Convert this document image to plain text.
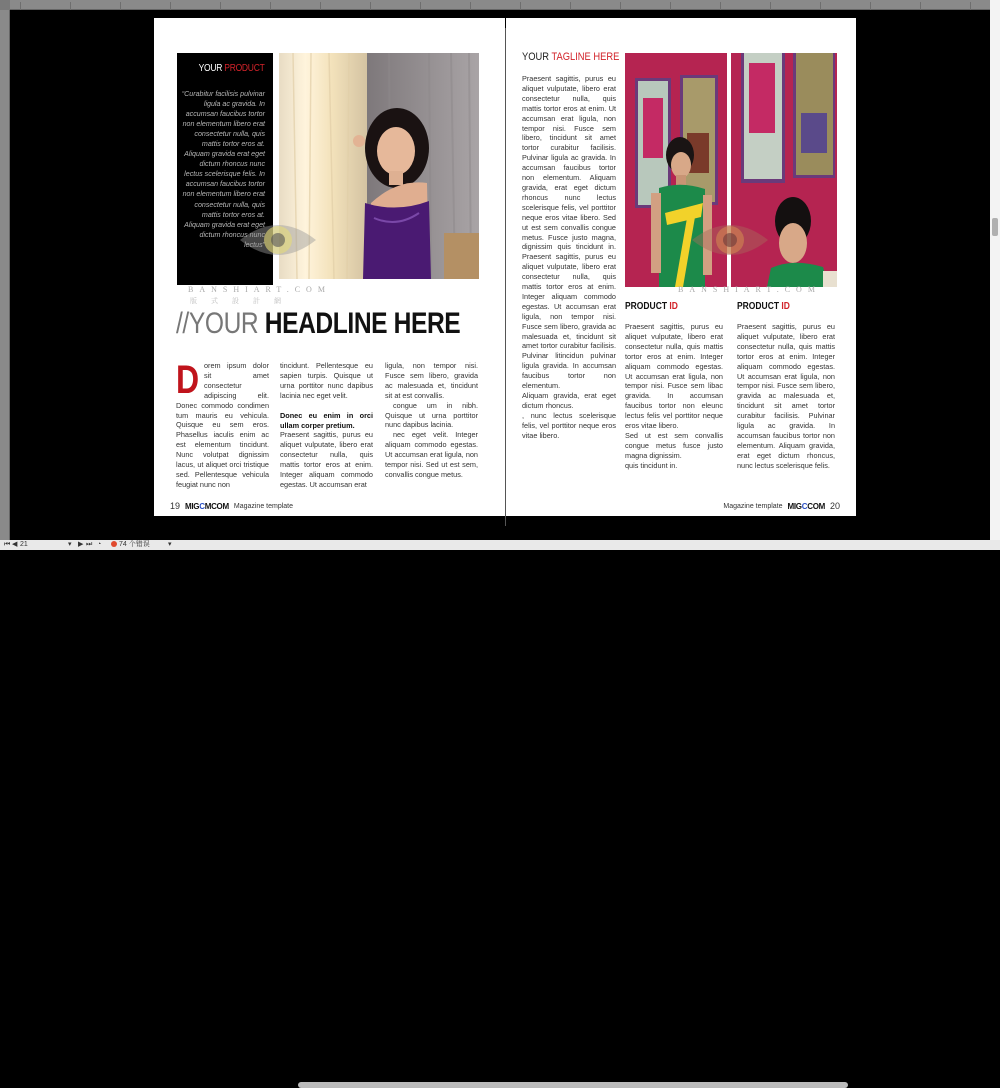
YOUR PRODUCT
“Curabitur facilisis pulvinar ligula ac gravida. In accumsan faucibus tortor non elementum libero erat consectetur nulla, quis mattis tortor eros at. Aliquam gravida erat eget dictum rhoncus nunc lectus scelerisque felis. In accumsan faucibus tortor non elementum libero erat consectetur nulla, quis mattis tortor eros at. Aliquam gravida erat eget dictum rhoncus nunc lectus”
BANSHIART.COM
版式設計網
//YOUR HEADLINE HERE
D orem ipsum dolor sit amet consectetur adipiscing elit. Donec commodo condimen tum mauris eu vehicula. Quisque eu sem eros. Phasellus iaculis enim ac est elementum tincidunt. Nunc volutpat dignissim lacus, ut aliquet orci tristique sed. Pellentesque vehicula feugiat nunc non

tincidunt. Pellentesque eu sapien turpis. Quisque ut urna porttitor nunc dapibus lacinia nec eget velit.

Donec eu enim in orci ullam corper pretium.

Praesent sagittis, purus eu aliquet vulputate, libero erat consectetur nulla, quis mattis tortor eros at enim. Integer aliquam commodo egestas. Ut accumsan erat

ligula, non tempor nisi. Fusce sem libero, gravida ac malesuada et, tincidunt sit at est convallis.

congue um in nibh. Quisque ut urna porttitor nunc dapibus lacinia.

nec eget velit. Integer aliquam commodo egestas. Ut accumsan erat ligula, non tempor nisi. Sed ut est sem, convallis congue metus.

19 MIGCMCOM Magazine template
YOUR TAGLINE HERE

Praesent sagittis, purus eu aliquet vulputate, libero erat consectetur nulla, quis mattis tortor eros at enim. Ut accumsan erat ligula, non tempor nisi. Fusce sem libero, tincidunt sit amet tortor curabitur facilisis. Pulvinar ligula ac gravida. In accumsan faucibus tortor non elementum. Aliquam gravida, erat eget dictum rhoncus nunc lectus scelerisque felis, vel porttitor neque eros vitae libero. Sed ut est sem convallis congue metus. Fusce justo magna, dignissim quis tincidunt in. Praesent sagittis, purus eu aliquet vulputate, libero erat consectetur nulla, quis mattis tortor eros at enim. Integer aliquam commodo egestas. Ut accumsan erat ligula, non tempor nisi. Fusce sem libero, gravida ac malesuada et, tincidunt sit amet tortor curabitur facilisis. Pulvinar litincidun pulvinar ligula gravida. In accumsan faucibus tortor non elementum.

Aliquam gravida, erat eget dictum rhoncus.

, nunc lectus scelerisque felis, vel porttitor neque eros vitae libero.

PRODUCT ID

Praesent sagittis, purus eu aliquet vulputate, libero erat consectetur nulla, quis mattis tortor eros at enim. Integer aliquam commodo egestas. Ut accumsan erat ligula, non tempor nisi. Fusce sem libac gravida. In accumsan faucibus tortor non eleunc lectus felis vel porttitor neque eros vitae libero.

Sed ut est sem convallis congue metus fusce justo magna dignissim.

quis tincidunt in.

PRODUCT ID

Praesent sagittis, purus eu aliquet vulputate, libero erat consectetur nulla, quis mattis tortor eros at enim. Integer aliquam commodo egestas. Ut accumsan erat ligula, non tempor nisi. Fusce sem libero, gravida ac malesuada et, tincidunt sit amet tortor curabitur facilisis. Pulvinar ligula ac gravida. In accumsan faucibus tortor non elementum. Aliquam gravida, erat eget dictum rhoncus, nunc lectus scelerisque felis.

Magazine template MIGCCOM 20
BANSHIART.COM
⏮ ◀ 21	▾ ▶ ⏭ ◔	74 个错误	▾
